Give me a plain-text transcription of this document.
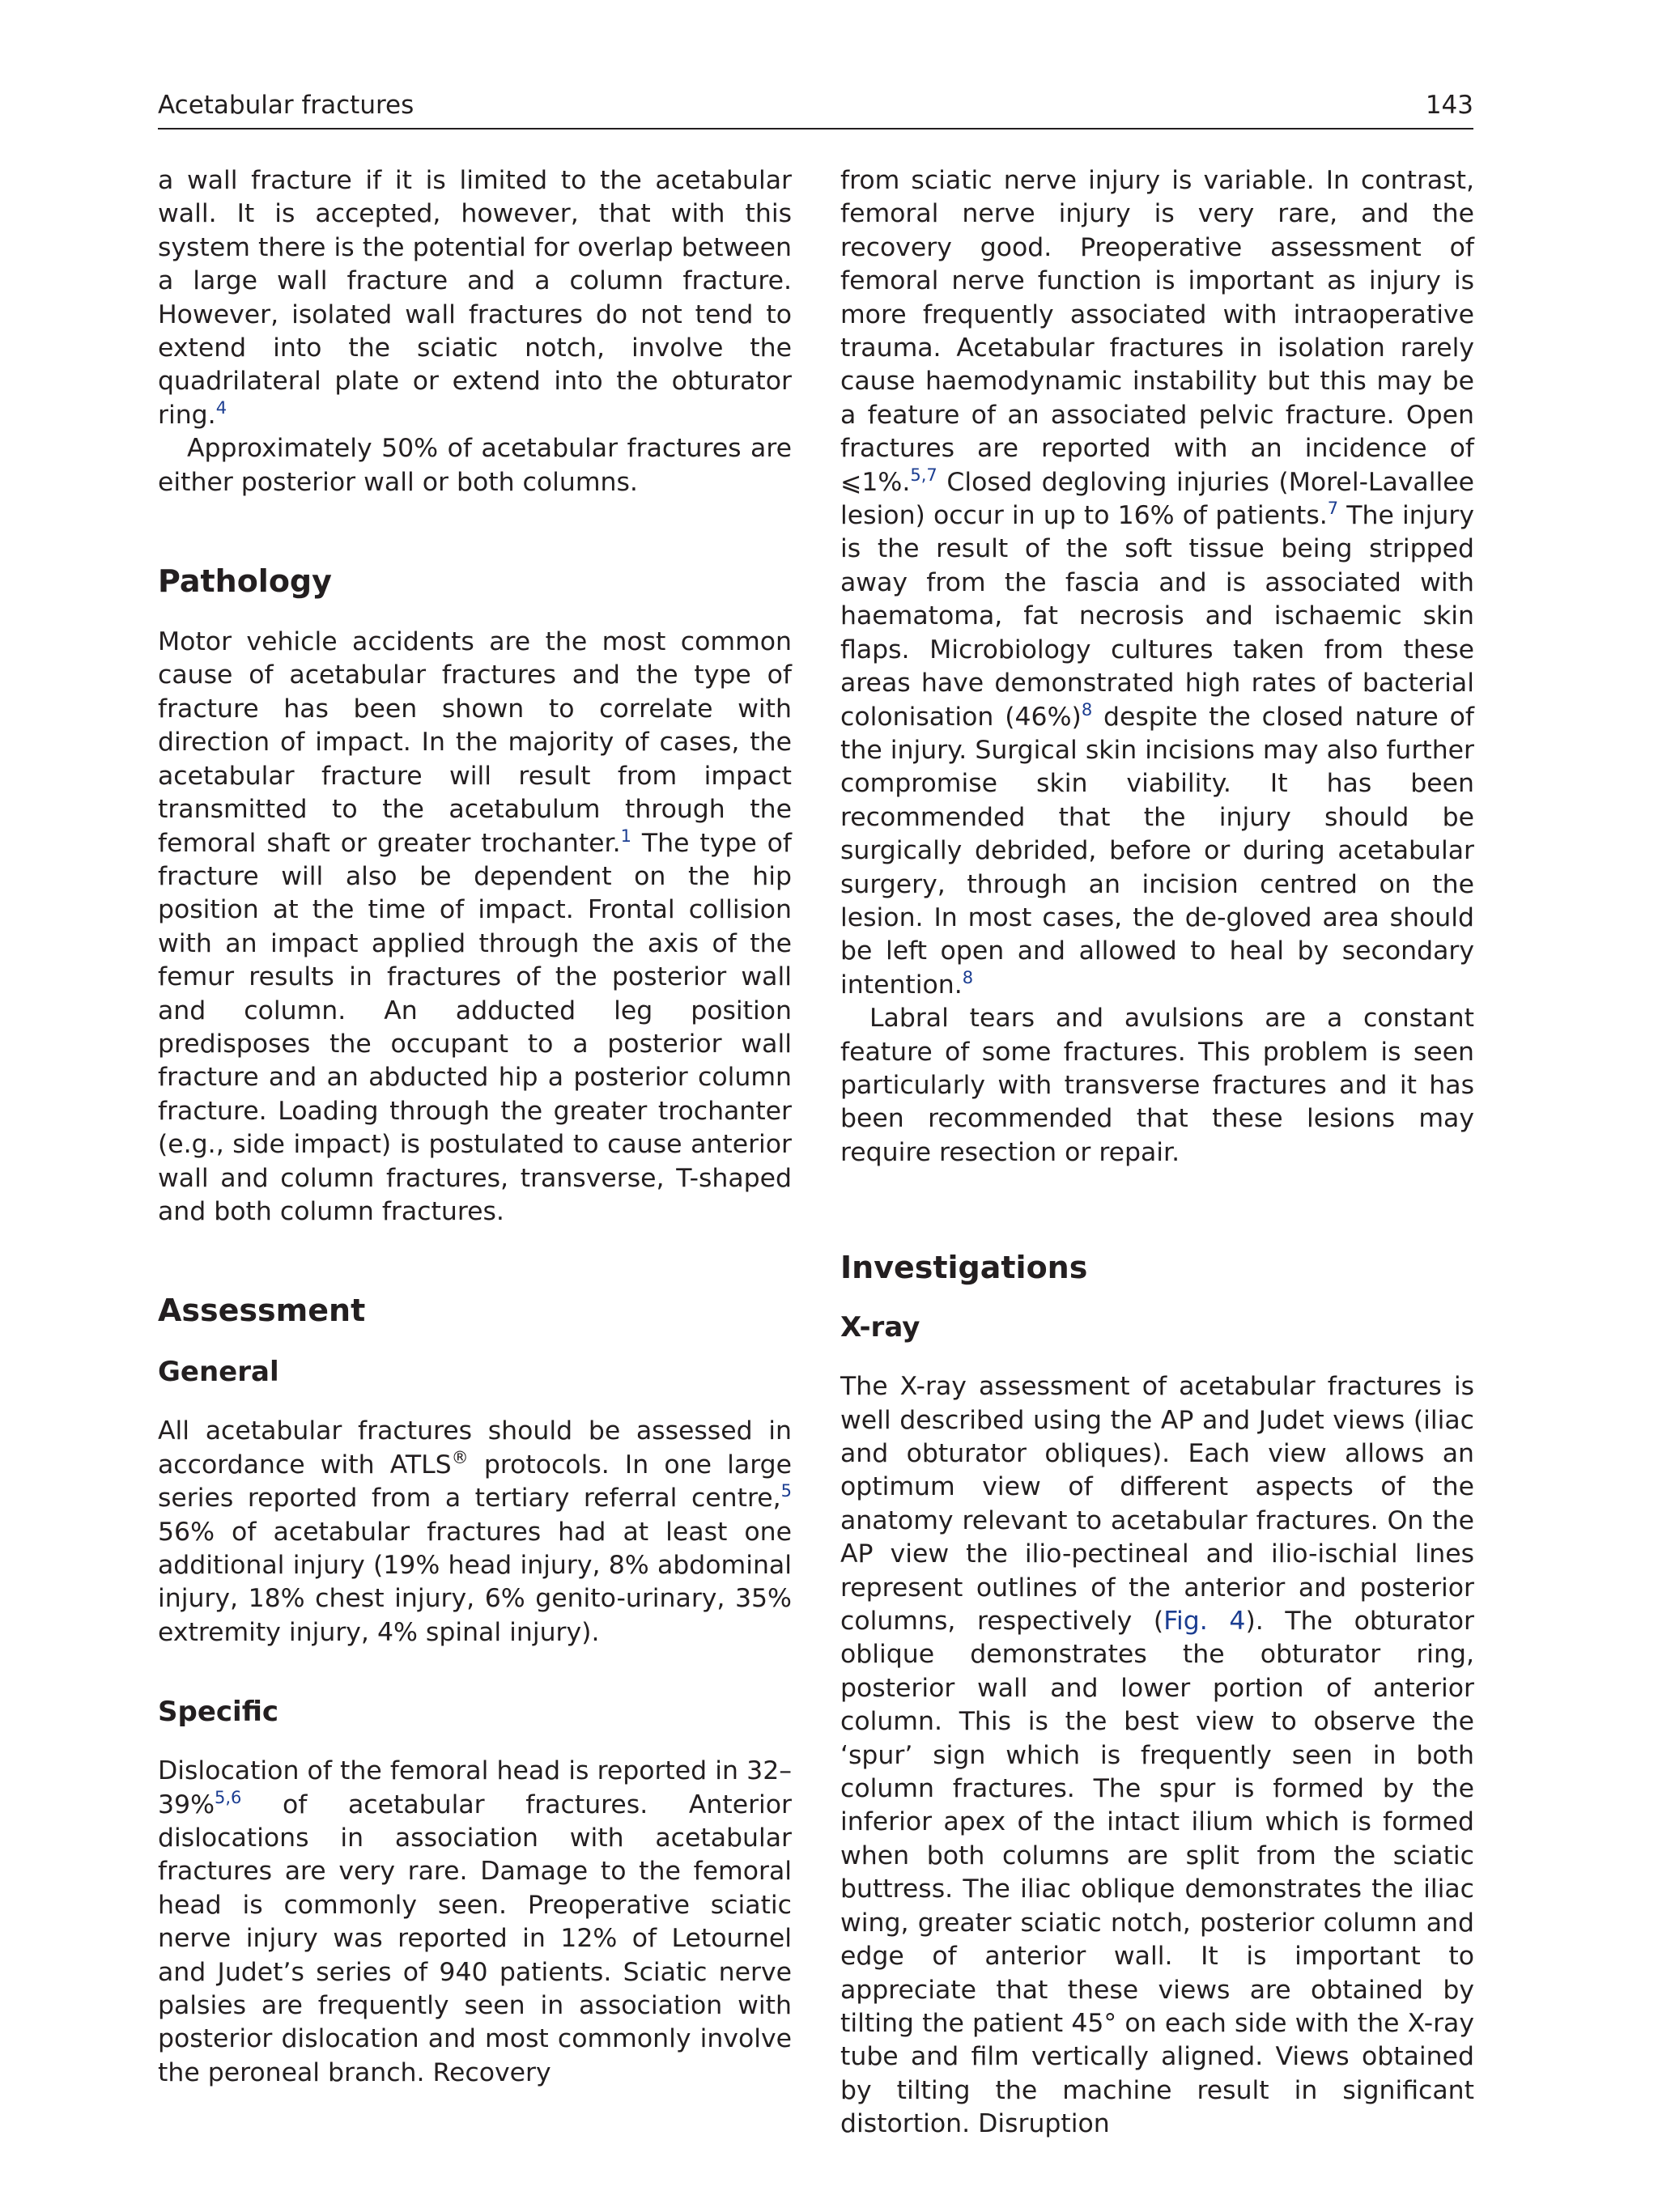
Acetabular fractures	143

a wall fracture if it is limited to the acetabular wall. It is accepted, however, that with this system there is the potential for overlap between a large wall fracture and a column fracture. However, isolated wall fractures do not tend to extend into the sciatic notch, involve the quadrilateral plate or extend into the obturator ring.$^4$

Approximately 50% of acetabular fractures are either posterior wall or both columns.

Pathology

Motor vehicle accidents are the most common cause of acetabular fractures and the type of fracture has been shown to correlate with direction of impact. In the majority of cases, the acetabular fracture will result from impact transmitted to the acetabulum through the femoral shaft or greater trochanter.$^1$ The type of fracture will also be dependent on the hip position at the time of impact. Frontal collision with an impact applied through the axis of the femur results in fractures of the posterior wall and column. An adducted leg position predisposes the occupant to a posterior wall fracture and an abducted hip a posterior column fracture. Loading through the greater trochanter (e.g., side impact) is postulated to cause anterior wall and column fractures, transverse, T-shaped and both column fractures.

Assessment
General

All acetabular fractures should be assessed in accordance with ATLS® protocols. In one large series reported from a tertiary referral centre,$^5$ 56% of acetabular fractures had at least one additional injury (19% head injury, 8% abdominal injury, 18% chest injury, 6% genito-urinary, 35% extremity injury, 4% spinal injury).

Specific

Dislocation of the femoral head is reported in 32–39%$^{5,6}$ of acetabular fractures. Anterior dislocations in association with acetabular fractures are very rare. Damage to the femoral head is commonly seen. Preoperative sciatic nerve injury was reported in 12% of Letournel and Judet’s series of 940 patients. Sciatic nerve palsies are frequently seen in association with posterior dislocation and most commonly involve the peroneal branch. Recovery

from sciatic nerve injury is variable. In contrast, femoral nerve injury is very rare, and the recovery good. Preoperative assessment of femoral nerve function is important as injury is more frequently associated with intraoperative trauma. Acetabular fractures in isolation rarely cause haemodynamic instability but this may be a feature of an associated pelvic fracture. Open fractures are reported with an incidence of ⩽1%.$^{5,7}$ Closed degloving injuries (Morel-Lavallee lesion) occur in up to 16% of patients.$^7$ The injury is the result of the soft tissue being stripped away from the fascia and is associated with haematoma, fat necrosis and ischaemic skin flaps. Microbiology cultures taken from these areas have demonstrated high rates of bacterial colonisation (46%)$^8$ despite the closed nature of the injury. Surgical skin incisions may also further compromise skin viability. It has been recommended that the injury should be surgically debrided, before or during acetabular surgery, through an incision centred on the lesion. In most cases, the de-gloved area should be left open and allowed to heal by secondary intention.$^8$

Labral tears and avulsions are a constant feature of some fractures. This problem is seen particularly with transverse fractures and it has been recommended that these lesions may require resection or repair.

Investigations
X-ray

The X-ray assessment of acetabular fractures is well described using the AP and Judet views (iliac and obturator obliques). Each view allows an optimum view of different aspects of the anatomy relevant to acetabular fractures. On the AP view the ilio-pectineal and ilio-ischial lines represent outlines of the anterior and posterior columns, respectively (Fig. 4). The obturator oblique demonstrates the obturator ring, posterior wall and lower portion of anterior column. This is the best view to observe the ‘spur’ sign which is frequently seen in both column fractures. The spur is formed by the inferior apex of the intact ilium which is formed when both columns are split from the sciatic buttress. The iliac oblique demonstrates the iliac wing, greater sciatic notch, posterior column and edge of anterior wall. It is important to appreciate that these views are obtained by tilting the patient 45° on each side with the X-ray tube and film vertically aligned. Views obtained by tilting the machine result in significant distortion. Disruption
